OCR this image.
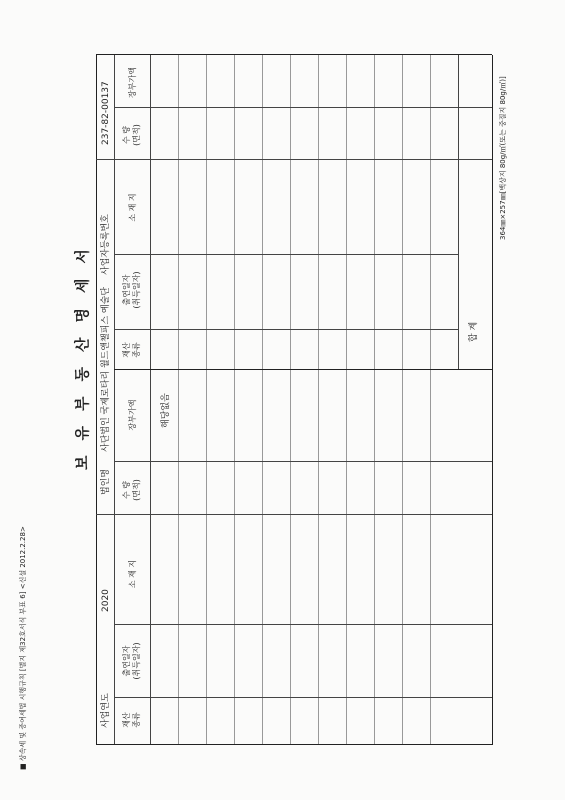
■ 상속세 및 증여세법 시행규칙 [별지 제32호서식 부표 6] <신설 2012.2.28>
보유부동산명세서
사업연도
2020
법인명
사단법인 국제로타리 월드앤챌피스 예술단
사업자등록번호
237-82-00137
재산
종류
출연일자
(취득일자)
소 재 지
수 량
(면적)
장부가액
재산
종류
출연일자
(취득일자)
소 재 지
수 량
(면적)
장부가액
해당없음
합 계
364㎜×257㎜[백상지 80g/㎡(또는 중질지 80g/㎡)]
